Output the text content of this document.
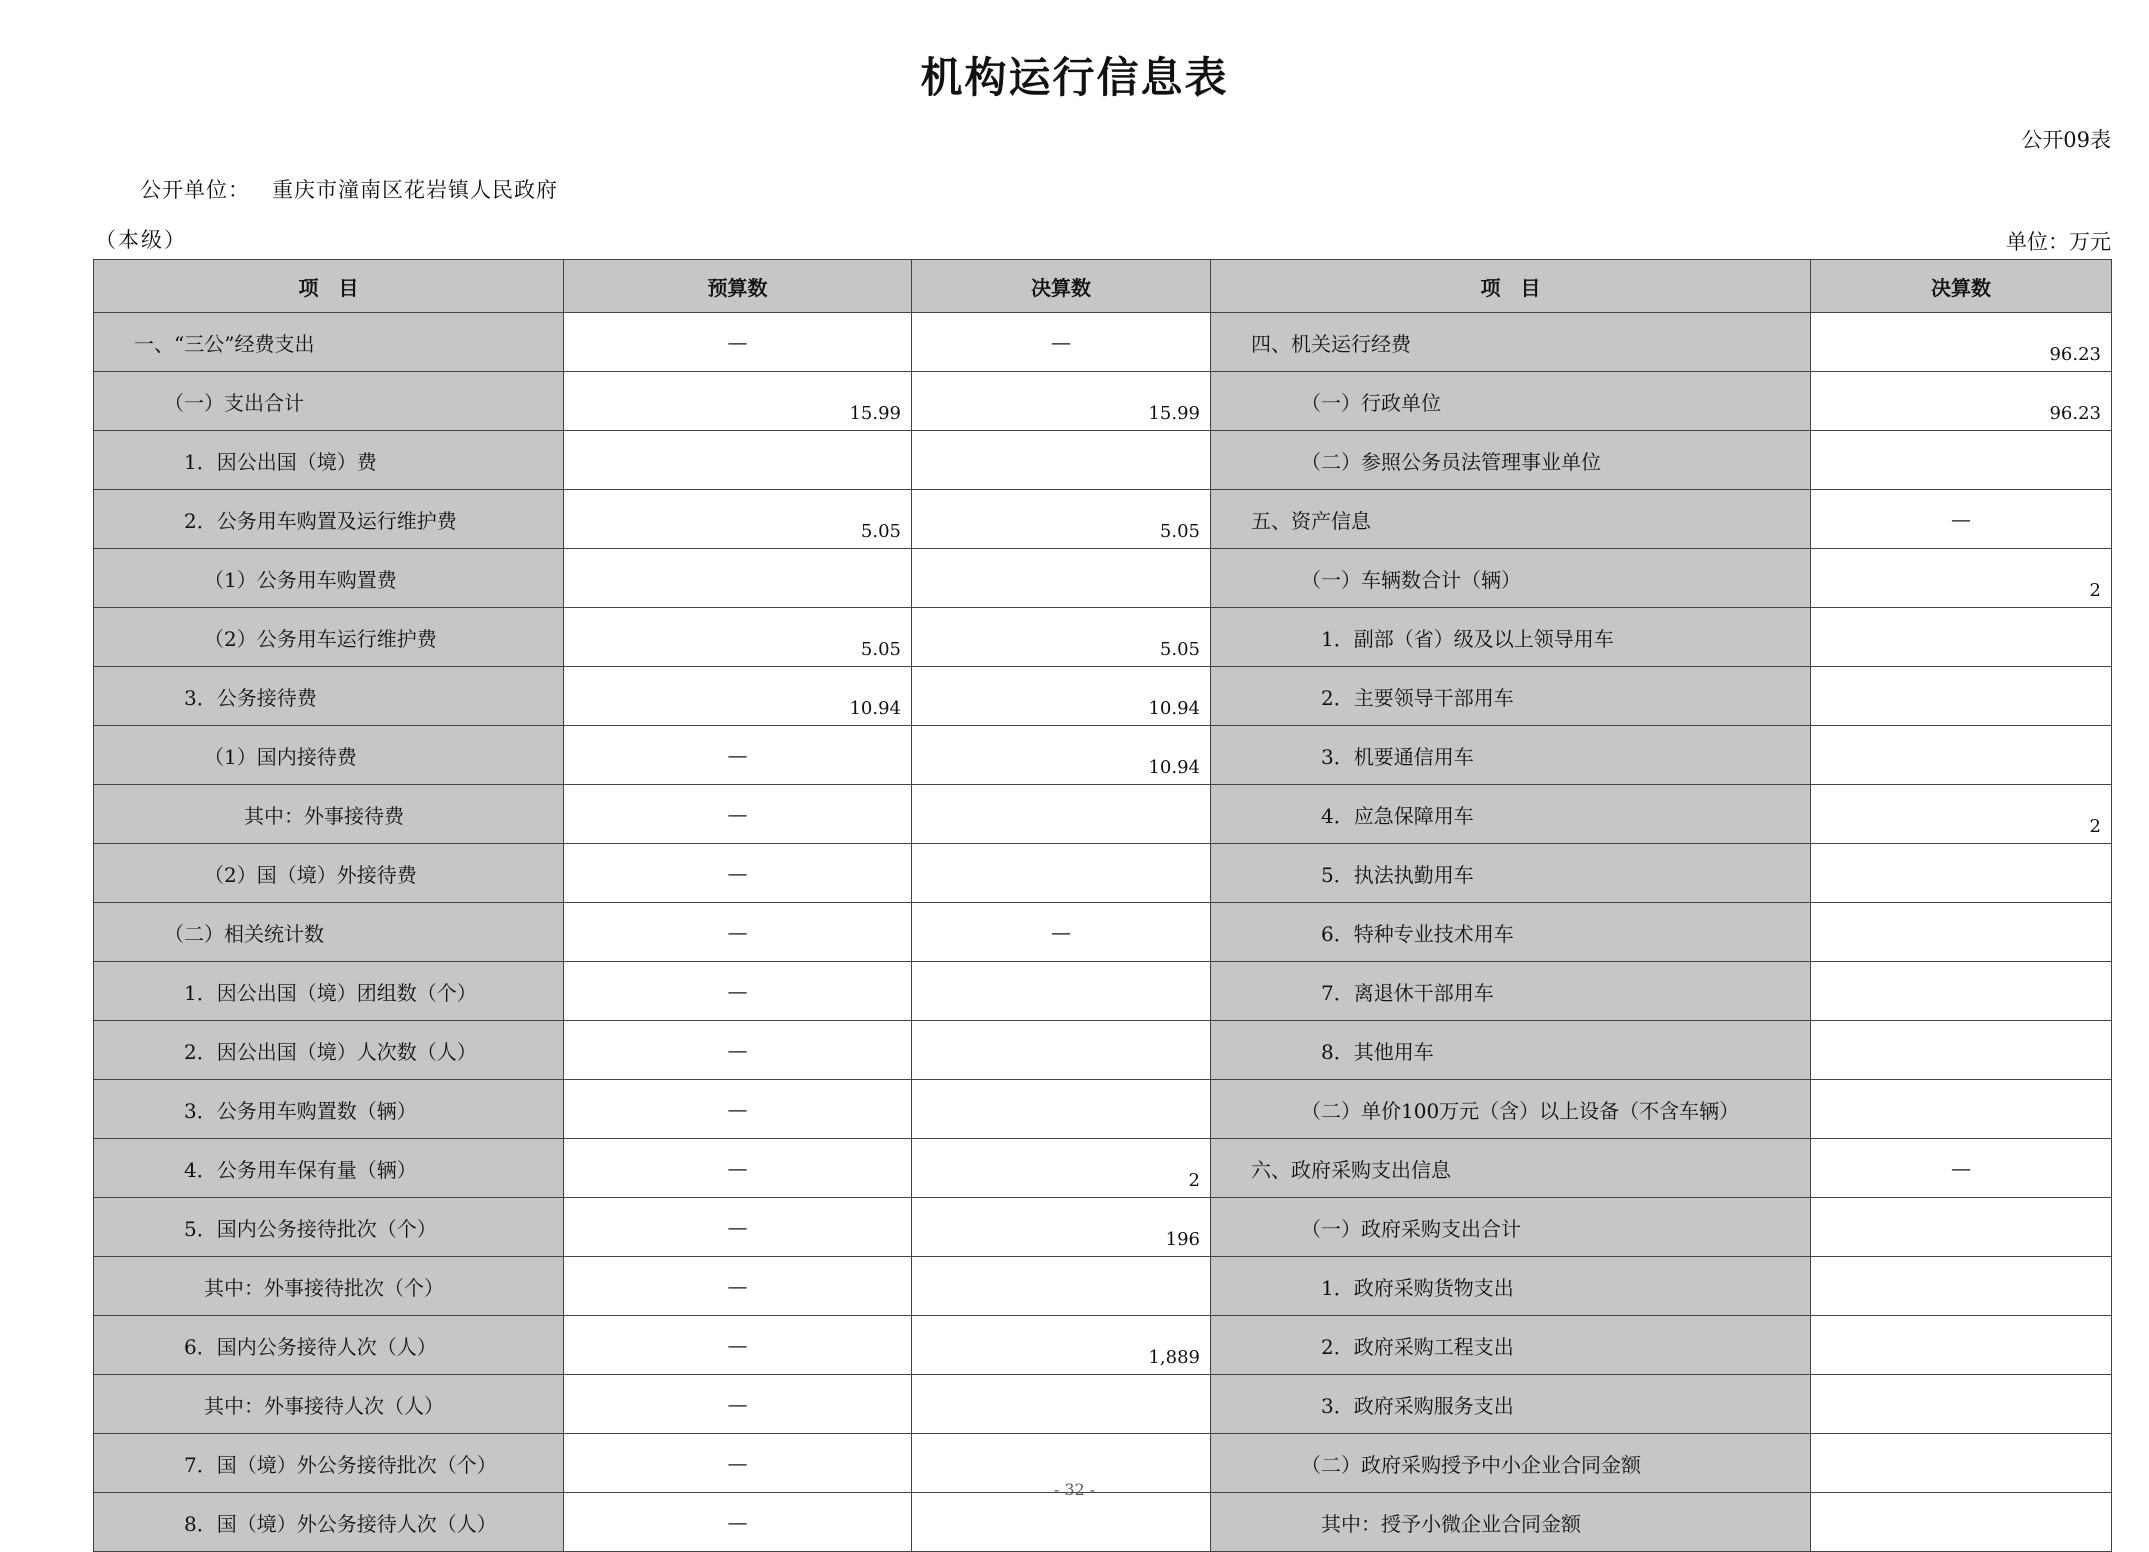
机构运行信息表
公开09表
公开单位： 重庆市潼南区花岩镇人民政府
（本级）	单位：万元
项　目	预算数	决算数	项　目	决算数
一、“三公”经费支出	—	—	四、机关运行经费	96.23
（一）支出合计	15.99	15.99	（一）行政单位	96.23
1．因公出国（境）费			（二）参照公务员法管理事业单位	
2．公务用车购置及运行维护费	5.05	5.05	五、资产信息	—
（1）公务用车购置费			（一）车辆数合计（辆）	2
（2）公务用车运行维护费	5.05	5.05	1．副部（省）级及以上领导用车	
3．公务接待费	10.94	10.94	2．主要领导干部用车	
（1）国内接待费	—	10.94	3．机要通信用车	
其中：外事接待费	—		4．应急保障用车	2
（2）国（境）外接待费	—		5．执法执勤用车	
（二）相关统计数	—	—	6．特种专业技术用车	
1．因公出国（境）团组数（个）	—		7．离退休干部用车	
2．因公出国（境）人次数（人）	—		8．其他用车	
3．公务用车购置数（辆）	—		（二）单价100万元（含）以上设备（不含车辆）	
4．公务用车保有量（辆）	—	2	六、政府采购支出信息	—
5．国内公务接待批次（个）	—	196	（一）政府采购支出合计	
其中：外事接待批次（个）	—		1．政府采购货物支出	
6．国内公务接待人次（人）	—	1,889	2．政府采购工程支出	
其中：外事接待人次（人）	—		3．政府采购服务支出	
7．国（境）外公务接待批次（个）	—		（二）政府采购授予中小企业合同金额	
8．国（境）外公务接待人次（人）	—		其中：授予小微企业合同金额	
- 32 -
